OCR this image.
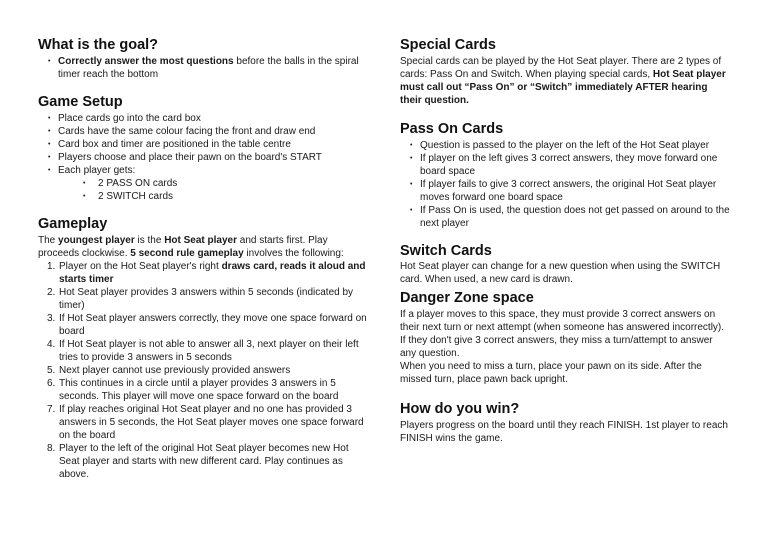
What is the goal?
• Correctly answer the most questions before the balls in the spiral timer reach the bottom
Game Setup
• Place cards go into the card box
• Cards have the same colour facing the front and draw end
• Card box and timer are positioned in the table centre
• Players choose and place their pawn on the board's START
• Each player gets:
• 2 PASS ON cards
• 2 SWITCH cards
Gameplay

The youngest player is the Hot Seat player and starts first. Play proceeds clockwise. 5 second rule gameplay involves the following:

1. Player on the Hot Seat player's right draws card, reads it aloud and starts timer
2. Hot Seat player provides 3 answers within 5 seconds (indicated by timer)
3. If Hot Seat player answers correctly, they move one space forward on board
4. If Hot Seat player is not able to answer all 3, next player on their left tries to provide 3 answers in 5 seconds
5. Next player cannot use previously provided answers
6. This continues in a circle until a player provides 3 answers in 5 seconds. This player will move one space forward on the board
7. If play reaches original Hot Seat player and no one has provided 3 answers in 5 seconds, the Hot Seat player moves one space forward on the board
8. Player to the left of the original Hot Seat player becomes new Hot Seat player and starts with new different card. Play continues as above.
Special Cards

Special cards can be played by the Hot Seat player. There are 2 types of cards: Pass On and Switch. When playing special cards, Hot Seat player must call out “Pass On” or “Switch” immediately AFTER hearing their question.

Pass On Cards
• Question is passed to the player on the left of the Hot Seat player
• If player on the left gives 3 correct answers, they move forward one board space
• If player fails to give 3 correct answers, the original Hot Seat player moves forward one board space
• If Pass On is used, the question does not get passed on around to the next player
Switch Cards

Hot Seat player can change for a new question when using the SWITCH card. When used, a new card is drawn.

Danger Zone space

If a player moves to this space, they must provide 3 correct answers on their next turn or next attempt (when someone has answered incorrectly). If they don't give 3 correct answers, they miss a turn/attempt to answer any question.

When you need to miss a turn, place your pawn on its side. After the missed turn, place pawn back upright.

How do you win?

Players progress on the board until they reach FINISH. 1st player to reach FINISH wins the game.
